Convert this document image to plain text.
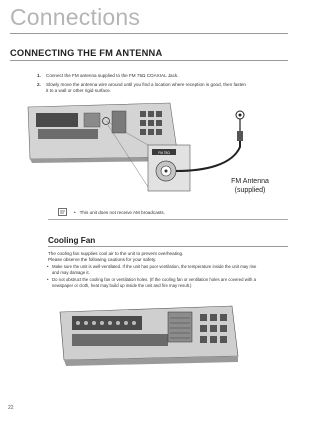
Connections
CONNECTING THE FM ANTENNA
1. Connect the FM antenna supplied to the FM 75Ω COAXIAL Jack.
2. Slowly move the antenna wire around until you find a location where reception is good, then fasten
it to a wall or other rigid surface.
FM 75Ω
FM Antenna
(supplied)
• This unit does not receive AM broadcasts.
Cooling Fan
The cooling fan supplies cool air to the unit to prevent overheating.
Please observe the following cautions for your safety.
• Make sure the unit is well-ventilated. If the unit has poor ventilation, the temperature inside the unit may rise
and may damage it.
• Do not obstruct the cooling fan or ventilation holes. (If the cooling fan or ventilation holes are covered with a
newspaper or cloth, heat may build up inside the unit and fire may result.)
22
